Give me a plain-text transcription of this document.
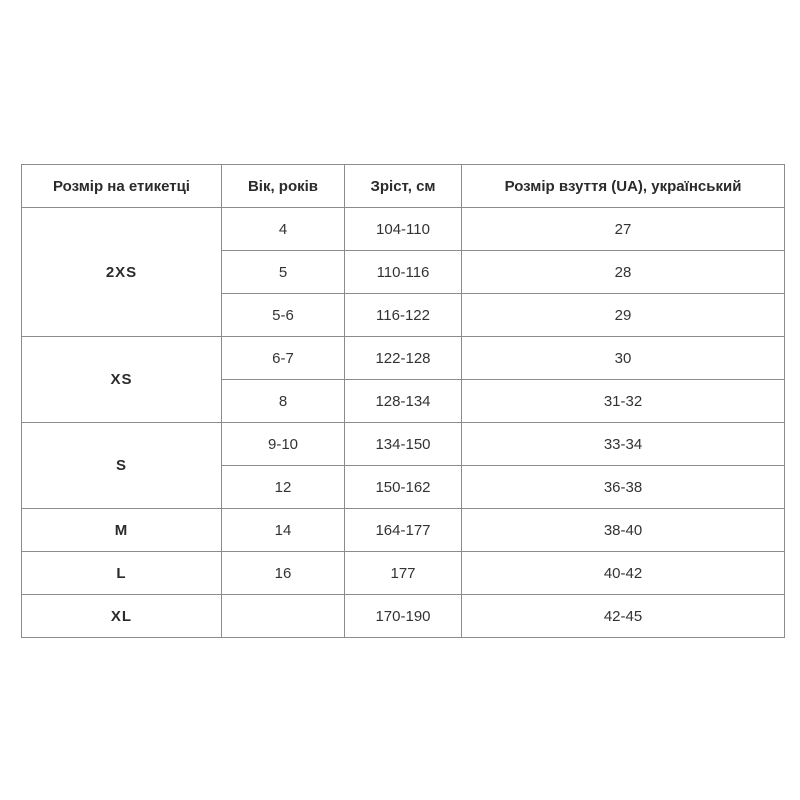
Розмір на етикетці	Вік, років	Зріст, см	Розмір взуття (UA), український
2XS	4	104-110	27
	5	110-116	28
	5-6	116-122	29
XS	6-7	122-128	30
	8	128-134	31-32
S	9-10	134-150	33-34
	12	150-162	36-38
M	14	164-177	38-40
L	16	177	40-42
XL		170-190	42-45
